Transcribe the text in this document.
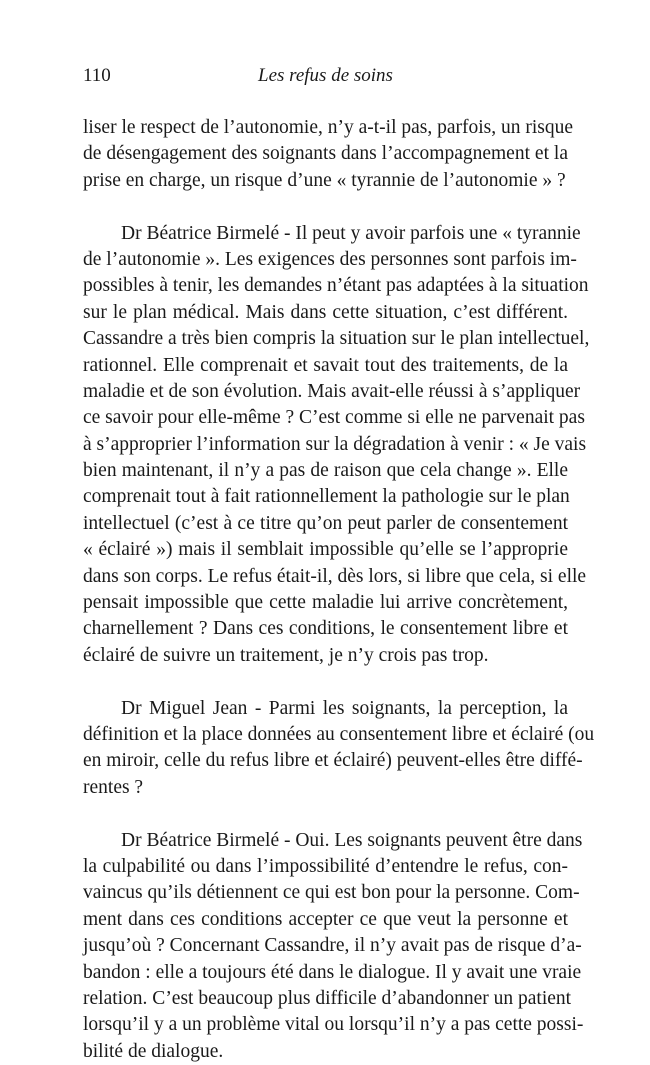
110	Les refus de soins
liser le respect de l’autonomie, n’y a-t-il pas, parfois, un risque
de désengagement des soignants dans l’accompagnement et la
prise en charge, un risque d’une « tyrannie de l’autonomie » ?
Dr Béatrice Birmelé - Il peut y avoir parfois une « tyrannie
de l’autonomie ». Les exigences des personnes sont parfois im-
possibles à tenir, les demandes n’étant pas adaptées à la situation
sur le plan médical. Mais dans cette situation, c’est différent.
Cassandre a très bien compris la situation sur le plan intellectuel,
rationnel. Elle comprenait et savait tout des traitements, de la
maladie et de son évolution. Mais avait-elle réussi à s’appliquer
ce savoir pour elle-même ? C’est comme si elle ne parvenait pas
à s’approprier l’information sur la dégradation à venir : « Je vais
bien maintenant, il n’y a pas de raison que cela change ». Elle
comprenait tout à fait rationnellement la pathologie sur le plan
intellectuel (c’est à ce titre qu’on peut parler de consentement
« éclairé ») mais il semblait impossible qu’elle se l’approprie
dans son corps. Le refus était-il, dès lors, si libre que cela, si elle
pensait impossible que cette maladie lui arrive concrètement,
charnellement ? Dans ces conditions, le consentement libre et
éclairé de suivre un traitement, je n’y crois pas trop.
Dr Miguel Jean - Parmi les soignants, la perception, la
définition et la place données au consentement libre et éclairé (ou
en miroir, celle du refus libre et éclairé) peuvent-elles être diffé-
rentes ?
Dr Béatrice Birmelé - Oui. Les soignants peuvent être dans
la culpabilité ou dans l’impossibilité d’entendre le refus, con-
vaincus qu’ils détiennent ce qui est bon pour la personne. Com-
ment dans ces conditions accepter ce que veut la personne et
jusqu’où ? Concernant Cassandre, il n’y avait pas de risque d’a-
bandon : elle a toujours été dans le dialogue. Il y avait une vraie
relation. C’est beaucoup plus difficile d’abandonner un patient
lorsqu’il y a un problème vital ou lorsqu’il n’y a pas cette possi-
bilité de dialogue.
